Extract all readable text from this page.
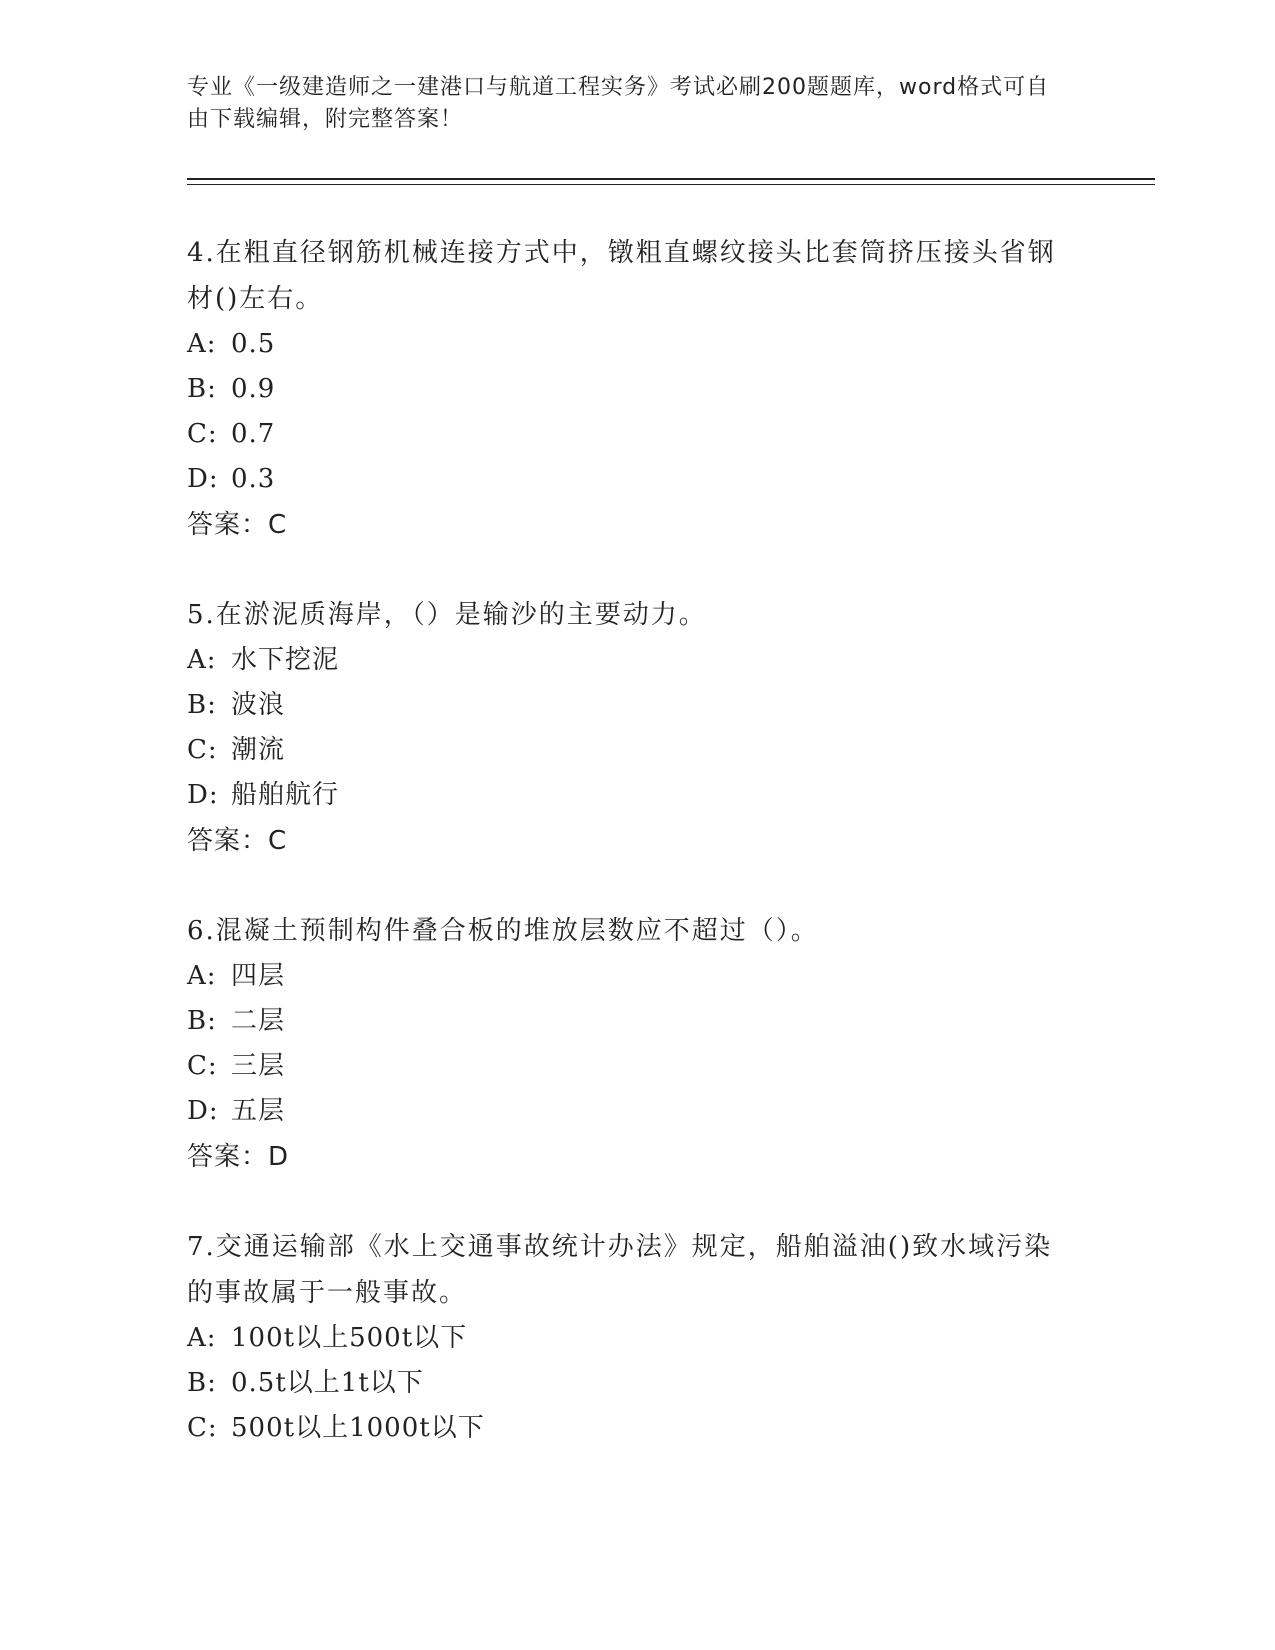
专业《一级建造师之一建港口与航道工程实务》考试必刷200题题库，word格式可自由下载编辑，附完整答案！
4.在粗直径钢筋机械连接方式中，镦粗直螺纹接头比套筒挤压接头省钢材()左右。
A: 0.5
B: 0.9
C: 0.7
D: 0.3
答案：C
5.在淤泥质海岸，（）是输沙的主要动力。
A: 水下挖泥
B: 波浪
C: 潮流
D: 船舶航行
答案：C
6.混凝土预制构件叠合板的堆放层数应不超过（）。
A: 四层
B: 二层
C: 三层
D: 五层
答案：D
7.交通运输部《水上交通事故统计办法》规定，船舶溢油()致水域污染的事故属于一般事故。
A: 100t以上500t以下
B: 0.5t以上1t以下
C: 500t以上1000t以下
